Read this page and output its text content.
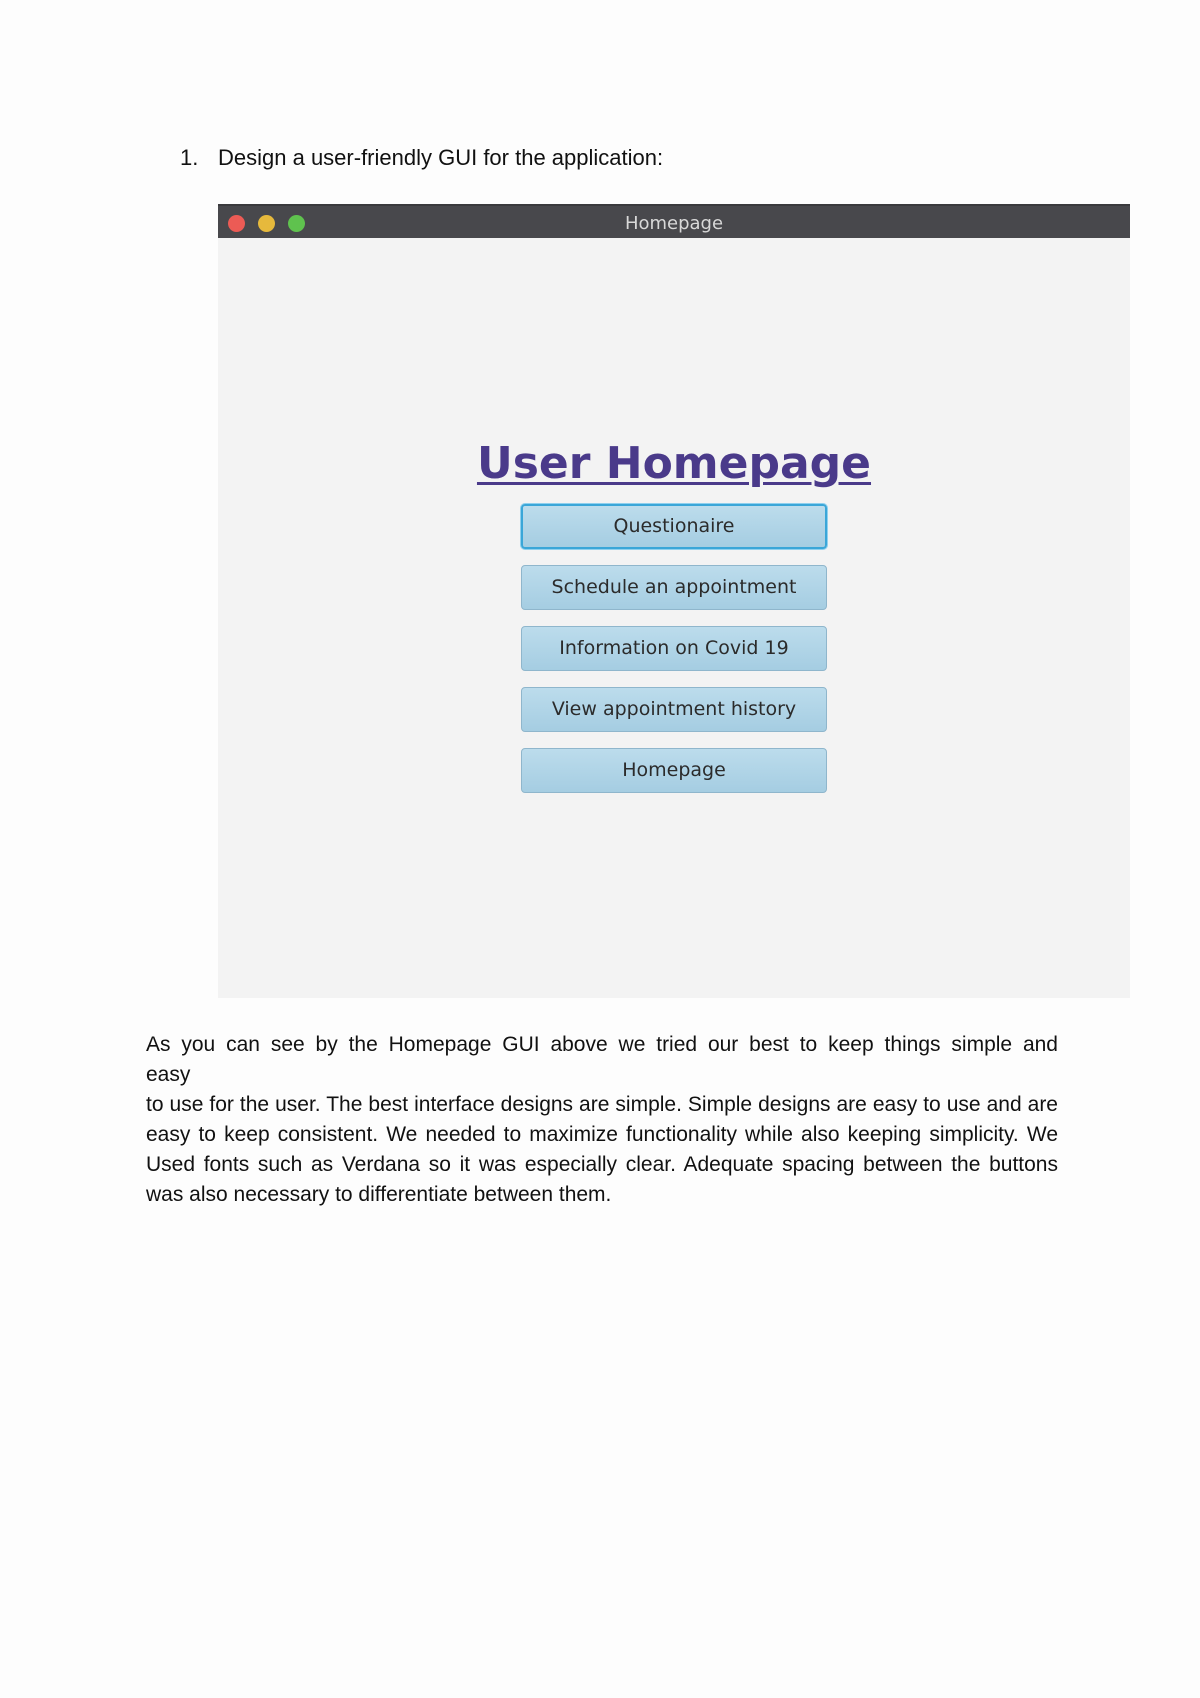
1. Design a user-friendly GUI for the application:
Homepage
User Homepage
Questionaire
Schedule an appointment
Information on Covid 19
View appointment history
Homepage

As you can see by the Homepage GUI above we tried our best to keep things simple and
easy
to use for the user. The best interface designs are simple. Simple designs are easy to use and are easy to keep consistent. We needed to maximize functionality while also keeping simplicity. We Used fonts such as Verdana so it was especially clear. Adequate spacing between the buttons was also necessary to differentiate between them.
